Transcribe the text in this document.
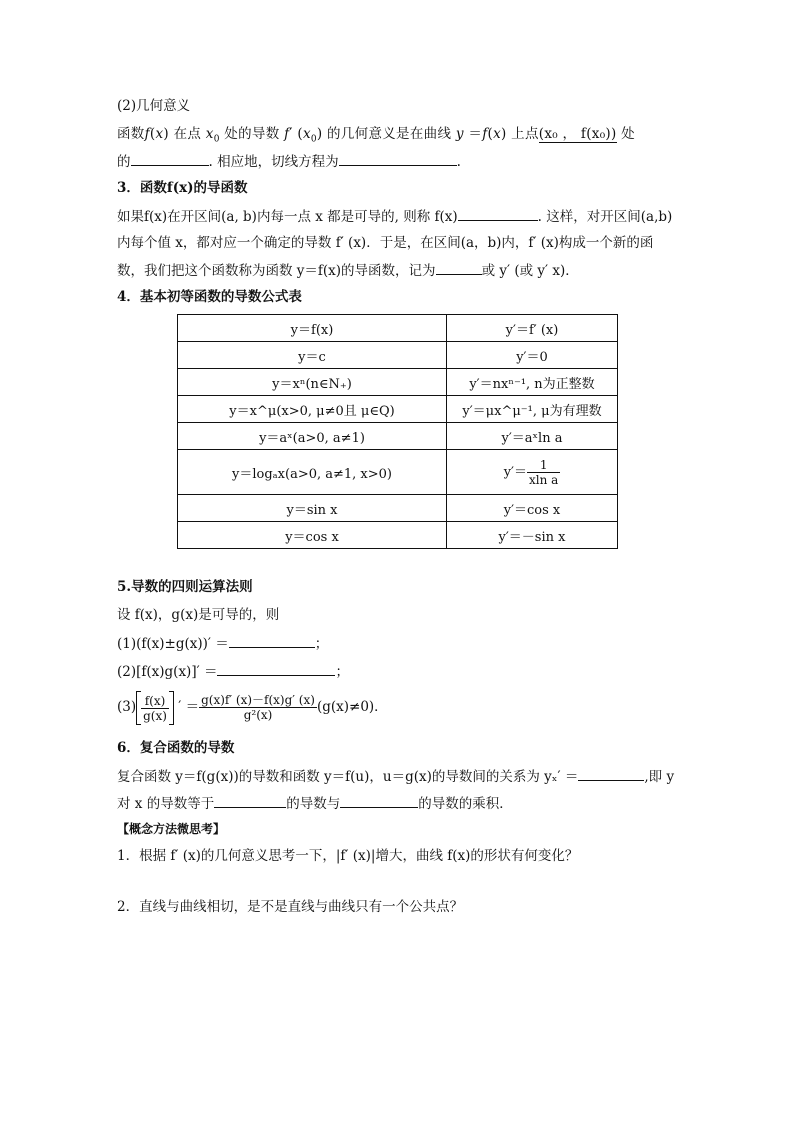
(2)几何意义
函数f(x) 在点 $x_0$ 处的导数 f′ $(x_0)$ 的几何意义是在曲线 y ＝f(x) 上点(x₀ ， f(x₀)) 处
的	. 相应地，切线方程为	.
3．函数f(x)的导函数
如果f(x)在开区间(a, b)内每一点 x 都是可导的, 则称 f(x)	. 这样，对开区间(a,b)
内每个值 x，都对应一个确定的导数 f′ (x)．于是，在区间(a，b)内，f′ (x)构成一个新的函
数，我们把这个函数称为函数 y＝f(x)的导函数，记为	或 y′ (或 y′ x)．
4．基本初等函数的导数公式表
y＝f(x)	y′＝f′ (x)
y＝c	y′＝0
y＝xⁿ(n∈N₊)	y′＝nxⁿ⁻¹, n为正整数
y＝x^μ(x>0, μ≠0且 μ∈Q)	y′＝μx^μ⁻¹, μ为有理数
y＝aˣ(a>0, a≠1)	y′＝aˣln a
y＝logₐx(a>0, a≠1, x>0)	$y'= \frac{1}{\text{xln a}}$

y＝sin x	y′＝cos x
y＝cos x	y′＝－sin x
5.导数的四则运算法则
设 f(x)，g(x)是可导的，则
(1)(f(x)±g(x))′ ＝	；
(2)[f(x)g(x)]′ ＝	；
$(3) \frac{f(x)}{g(x)}$ ′ ＝ $\frac{g(x)f' (x)-f(x)g' (x)}{\text{g²(x)}} (g(x)\ne 0)$．
6．复合函数的导数
复合函数 y＝f(g(x))的导数和函数 y＝f(u)，u＝g(x)的导数间的关系为 yₓ′ ＝	,即 y
对 x 的导数等于	的导数与	的导数的乘积．
【概念方法微思考】
1．根据 f′ (x)的几何意义思考一下，|f′ (x)|增大，曲线 f(x)的形状有何变化？
2．直线与曲线相切，是不是直线与曲线只有一个公共点？
